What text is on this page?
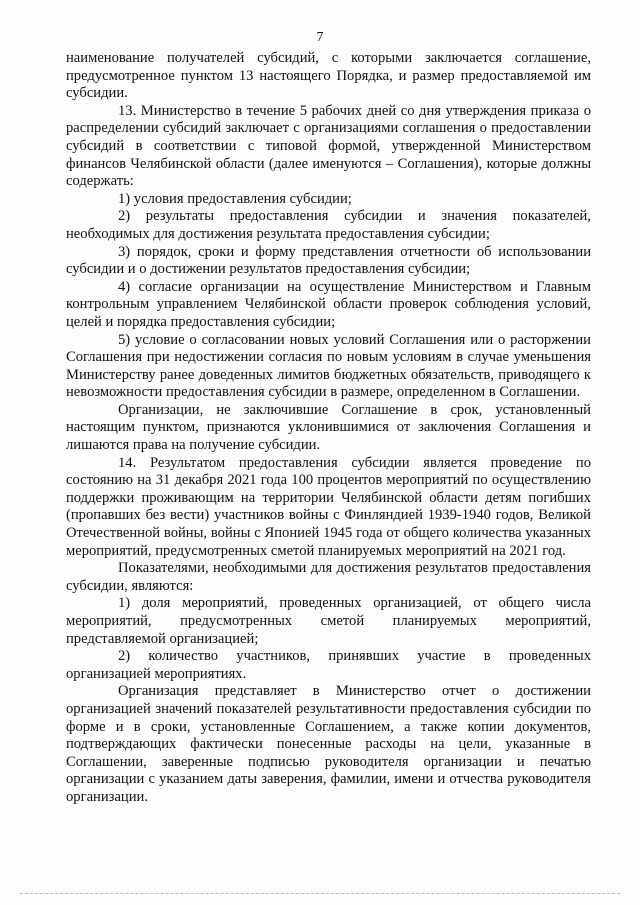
7

наименование получателей субсидий, с которыми заключается соглашение, предусмотренное пунктом 13 настоящего Порядка, и размер предоставляемой им субсидии.

13. Министерство в течение 5 рабочих дней со дня утверждения приказа о распределении субсидий заключает с организациями соглашения о предоставлении субсидий в соответствии с типовой формой, утвержденной Министерством финансов Челябинской области (далее именуются – Соглашения), которые должны содержать:

1) условия предоставления субсидии;

2) результаты предоставления субсидии и значения показателей, необходимых для достижения результата предоставления субсидии;

3) порядок, сроки и форму представления отчетности об использовании субсидии и о достижении результатов предоставления субсидии;

4) согласие организации на осуществление Министерством и Главным контрольным управлением Челябинской области проверок соблюдения условий, целей и порядка предоставления субсидии;

5) условие о согласовании новых условий Соглашения или о расторжении Соглашения при недостижении согласия по новым условиям в случае уменьшения Министерству ранее доведенных лимитов бюджетных обязательств, приводящего к невозможности предоставления субсидии в размере, определенном в Соглашении.

Организации, не заключившие Соглашение в срок, установленный настоящим пунктом, признаются уклонившимися от заключения Соглашения и лишаются права на получение субсидии.

14. Результатом предоставления субсидии является проведение по состоянию на 31 декабря 2021 года 100 процентов мероприятий по осуществлению поддержки проживающим на территории Челябинской области детям погибших (пропавших без вести) участников войны с Финляндией 1939-1940 годов, Великой Отечественной войны, войны с Японией 1945 года от общего количества указанных мероприятий, предусмотренных сметой планируемых мероприятий на 2021 год.

Показателями, необходимыми для достижения результатов предоставления субсидии, являются:

1) доля мероприятий, проведенных организацией, от общего числа мероприятий, предусмотренных сметой планируемых мероприятий, представляемой организацией;

2) количество участников, принявших участие в проведенных организацией мероприятиях.

Организация представляет в Министерство отчет о достижении организацией значений показателей результативности предоставления субсидии по форме и в сроки, установленные Соглашением, а также копии документов, подтверждающих фактически понесенные расходы на цели, указанные в Соглашении, заверенные подписью руководителя организации и печатью организации с указанием даты заверения, фамилии, имени и отчества руководителя организации.
